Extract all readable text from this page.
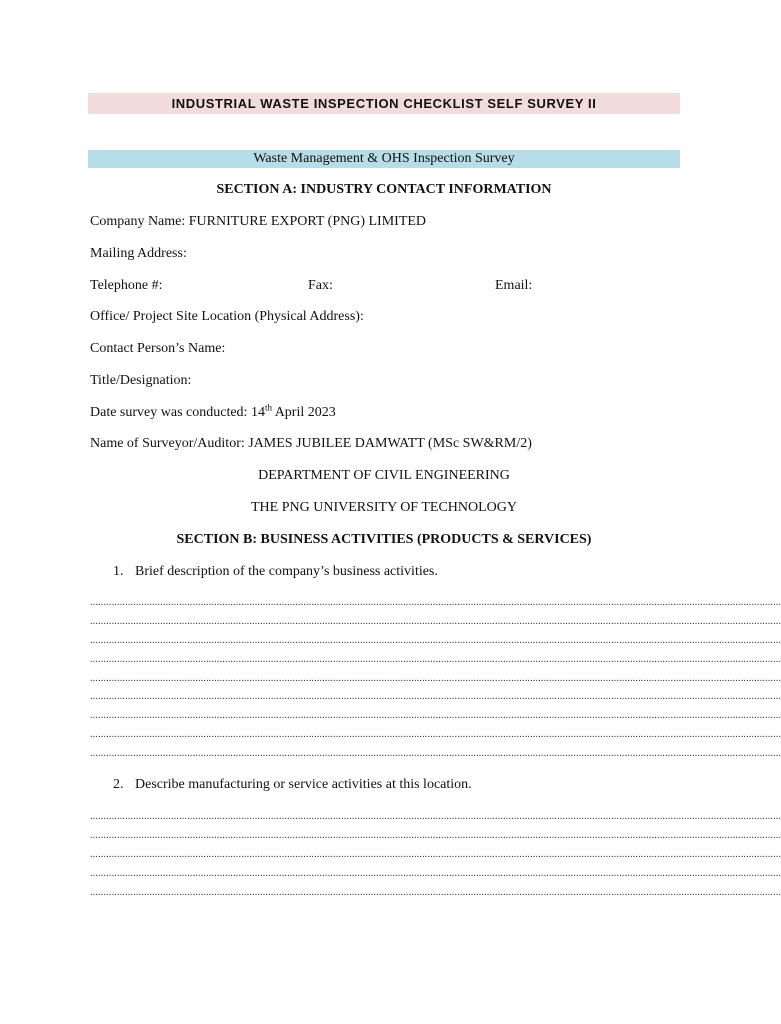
INDUSTRIAL WASTE INSPECTION CHECKLIST SELF SURVEY II
Waste Management & OHS Inspection Survey
SECTION A: INDUSTRY CONTACT INFORMATION
Company Name: FURNITURE EXPORT (PNG) LIMITED
Mailing Address:
Telephone #:	Fax:	Email:
Office/ Project Site Location (Physical Address):
Contact Person’s Name:
Title/Designation:
Date survey was conducted: 14th April 2023
Name of Surveyor/Auditor: JAMES JUBILEE DAMWATT (MSc SW&RM/2)
DEPARTMENT OF CIVIL ENGINEERING
THE PNG UNIVERSITY OF TECHNOLOGY
SECTION B: BUSINESS ACTIVITIES (PRODUCTS & SERVICES)
1. Brief description of the company’s business activities.
................................................................................................................................................................................................................................................................
................................................................................................................................................................................................................................................................
................................................................................................................................................................................................................................................................
................................................................................................................................................................................................................................................................
................................................................................................................................................................................................................................................................
................................................................................................................................................................................................................................................................
................................................................................................................................................................................................................................................................
................................................................................................................................................................................................................................................................
................................................................................................................................................................................................................................................................
2. Describe manufacturing or service activities at this location.
................................................................................................................................................................................................................................................................
................................................................................................................................................................................................................................................................
................................................................................................................................................................................................................................................................
................................................................................................................................................................................................................................................................
................................................................................................................................................................................................................................................................
